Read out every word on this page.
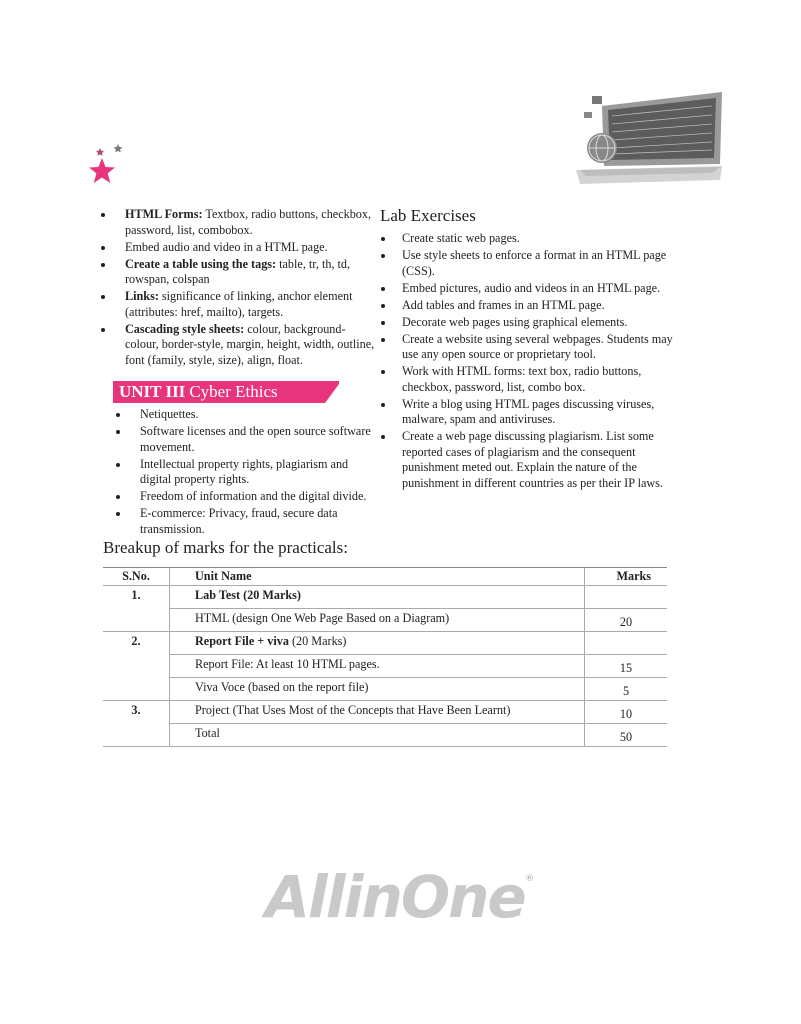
HTML Forms: Textbox, radio buttons, checkbox, password, list, combobox.
Embed audio and video in a HTML page.
Create a table using the tags: table, tr, th, td, rowspan, colspan
Links: significance of linking, anchor element (attributes: href, mailto), targets.
Cascading style sheets: colour, background-colour, border-style, margin, height, width, outline, font (family, style, size), align, float.
UNIT III Cyber Ethics
Netiquettes.
Software licenses and the open source software movement.
Intellectual property rights, plagiarism and digital property rights.
Freedom of information and the digital divide.
E-commerce: Privacy, fraud, secure data transmission.
Lab Exercises
Create static web pages.
Use style sheets to enforce a format in an HTML page (CSS).
Embed pictures, audio and videos in an HTML page.
Add tables and frames in an HTML page.
Decorate web pages using graphical elements.
Create a website using several webpages. Students may use any open source or proprietary tool.
Work with HTML forms: text box, radio buttons, checkbox, password, list, combo box.
Write a blog using HTML pages discussing viruses, malware, spam and antiviruses.
Create a web page discussing plagiarism. List some reported cases of plagiarism and the consequent punishment meted out. Explain the nature of the punishment in different countries as per their IP laws.
Breakup of marks for the practicals:
S.No.	Unit Name	Marks
1.	Lab Test (20 Marks)	
	HTML (design One Web Page Based on a Diagram)	20
2.	Report File + viva (20 Marks)	
	Report File: At least 10 HTML pages.	15
	Viva Voce (based on the report file)	5
3.	Project (That Uses Most of the Concepts that Have Been Learnt)	10
	Total	50
AllinOne ®
